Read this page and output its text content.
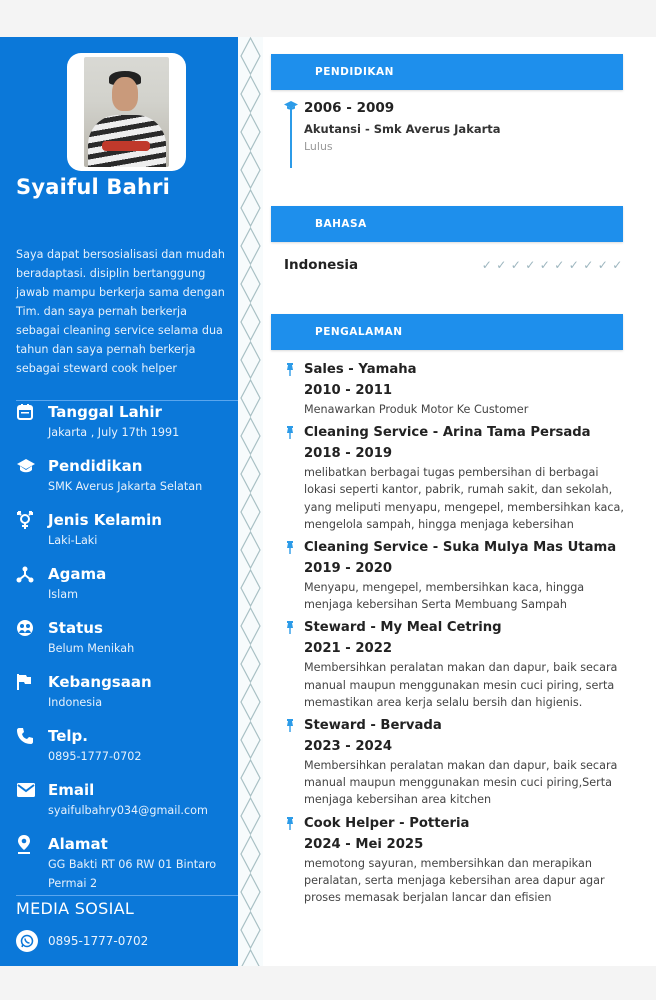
Syaiful Bahri
Saya dapat bersosialisasi dan mudah beradaptasi. disiplin bertanggung jawab mampu berkerja sama dengan Tim. dan saya pernah berkerja sebagai cleaning service selama dua tahun dan saya pernah berkerja sebagai steward cook helper
Tanggal Lahir
Jakarta , July 17th 1991
Pendidikan
SMK Averus Jakarta Selatan
Jenis Kelamin
Laki-Laki
Agama
Islam
Status
Belum Menikah
Kebangsaan
Indonesia
Telp.
0895-1777-0702
Email
syaifulbahry034@gmail.com
Alamat
GG Bakti RT 06 RW 01 Bintaro Permai 2
MEDIA SOSIAL
0895-1777-0702
PENDIDIKAN
2006 - 2009
Akutansi - Smk Averus Jakarta
Lulus
BAHASA
Indonesia	✓ ✓ ✓ ✓ ✓ ✓ ✓ ✓ ✓ ✓
PENGALAMAN
Sales - Yamaha
2010 - 2011
Menawarkan Produk Motor Ke Customer
Cleaning Service - Arina Tama Persada
2018 - 2019
melibatkan berbagai tugas pembersihan di berbagai lokasi seperti kantor, pabrik, rumah sakit, dan sekolah, yang meliputi menyapu, mengepel, membersihkan kaca, mengelola sampah, hingga menjaga kebersihan
Cleaning Service - Suka Mulya Mas Utama
2019 - 2020
Menyapu, mengepel, membersihkan kaca, hingga menjaga kebersihan Serta Membuang Sampah
Steward - My Meal Cetring
2021 - 2022
Membersihkan peralatan makan dan dapur, baik secara manual maupun menggunakan mesin cuci piring, serta memastikan area kerja selalu bersih dan higienis.
Steward - Bervada
2023 - 2024
Membersihkan peralatan makan dan dapur, baik secara manual maupun menggunakan mesin cuci piring,Serta menjaga kebersihan area kitchen
Cook Helper - Potteria
2024 - Mei 2025
memotong sayuran, membersihkan dan merapikan peralatan, serta menjaga kebersihan area dapur agar proses memasak berjalan lancar dan efisien
